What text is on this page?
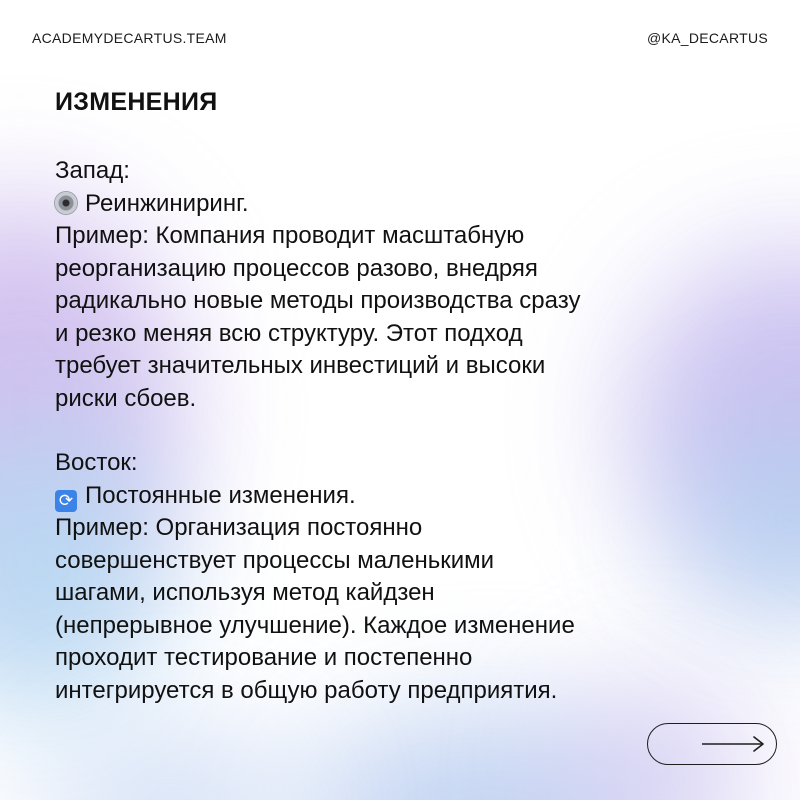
ACADEMYDECARTUS.TEAM	@KA_DECARTUS
ИЗМЕНЕНИЯ
Запад:
Реинжиниринг.
Пример: Компания проводит масштабную
реорганизацию процессов разово, внедряя
радикально новые методы производства сразу
и резко меняя всю структуру. Этот подход
требует значительных инвестиций и высоки
риски сбоев.
Восток:
⟳ Постоянные изменения.
Пример: Организация постоянно
совершенствует процессы маленькими
шагами, используя метод кайдзен
(непрерывное улучшение). Каждое изменение
проходит тестирование и постепенно
интегрируется в общую работу предприятия.
